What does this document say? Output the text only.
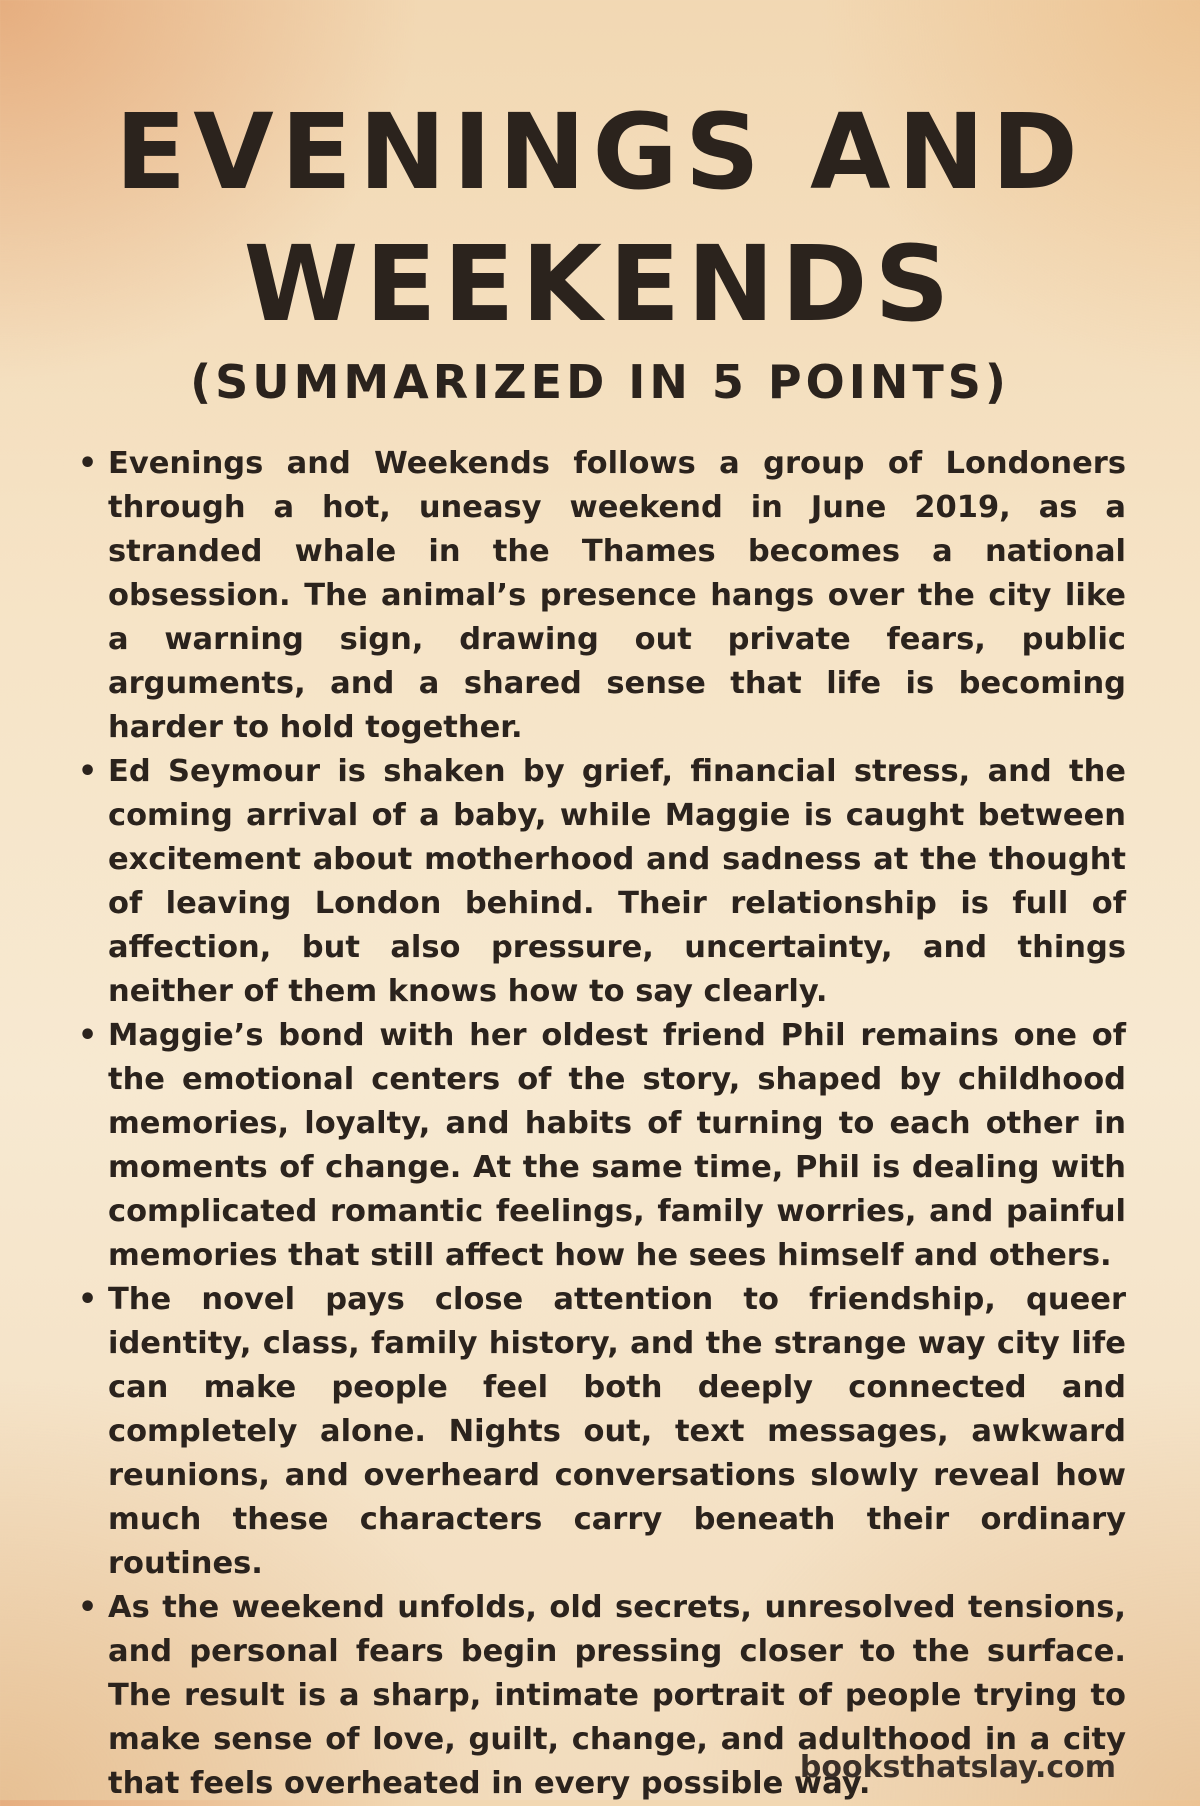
EVENINGS AND
WEEKENDS
(SUMMARIZED IN 5 POINTS)
• Evenings and Weekends follows a group of Londoners through a hot, uneasy weekend in June 2019, as a stranded whale in the Thames becomes a national obsession. The animal’s presence hangs over the city like a warning sign, drawing out private fears, public arguments, and a shared sense that life is becoming harder to hold together.
• Ed Seymour is shaken by grief, financial stress, and the coming arrival of a baby, while Maggie is caught between excitement about motherhood and sadness at the thought of leaving London behind. Their relationship is full of affection, but also pressure, uncertainty, and things neither of them knows how to say clearly.
• Maggie’s bond with her oldest friend Phil remains one of the emotional centers of the story, shaped by childhood memories, loyalty, and habits of turning to each other in moments of change. At the same time, Phil is dealing with complicated romantic feelings, family worries, and painful memories that still affect how he sees himself and others.
• The novel pays close attention to friendship, queer identity, class, family history, and the strange way city life can make people feel both deeply connected and completely alone. Nights out, text messages, awkward reunions, and overheard conversations slowly reveal how much these characters carry beneath their ordinary routines.
• As the weekend unfolds, old secrets, unresolved tensions, and personal fears begin pressing closer to the surface. The result is a sharp, intimate portrait of people trying to make sense of love, guilt, change, and adulthood in a city that feels overheated in every possible way.
booksthatslay.com
